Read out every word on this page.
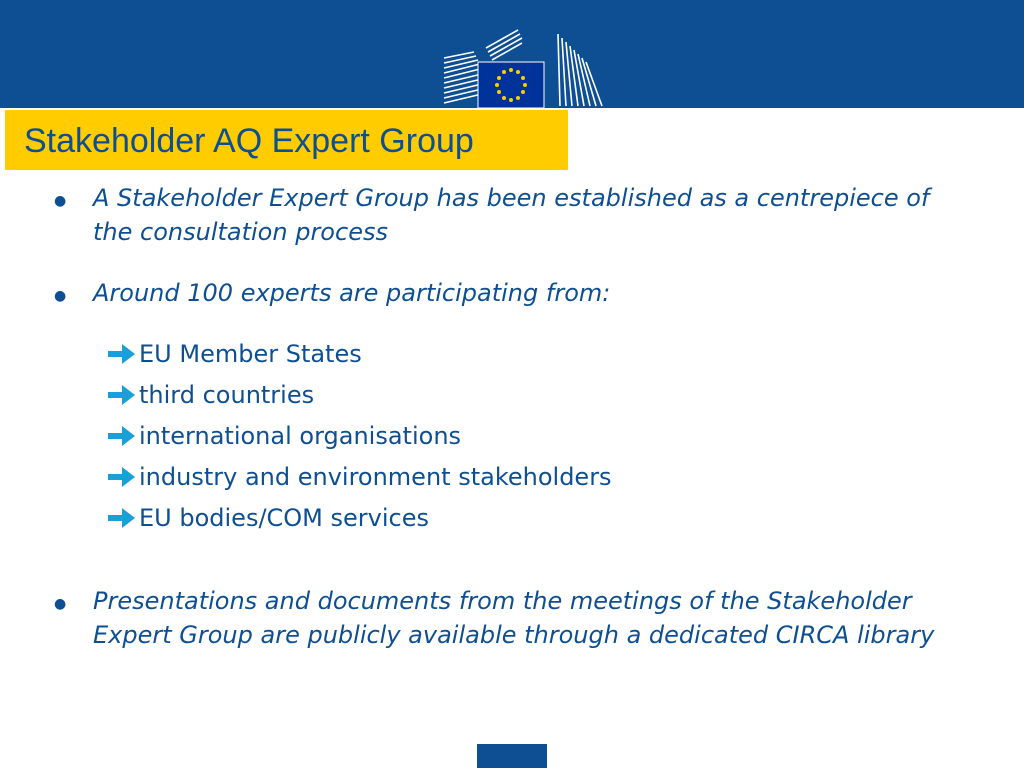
Stakeholder AQ Expert Group
● A Stakeholder Expert Group has been established as a centrepiece of the consultation process

● Around 100 experts are participating from:

EU Member States
third countries
international organisations
industry and environment stakeholders
EU bodies/COM services
● Presentations and documents from the meetings of the Stakeholder Expert Group are publicly available through a dedicated CIRCA library
